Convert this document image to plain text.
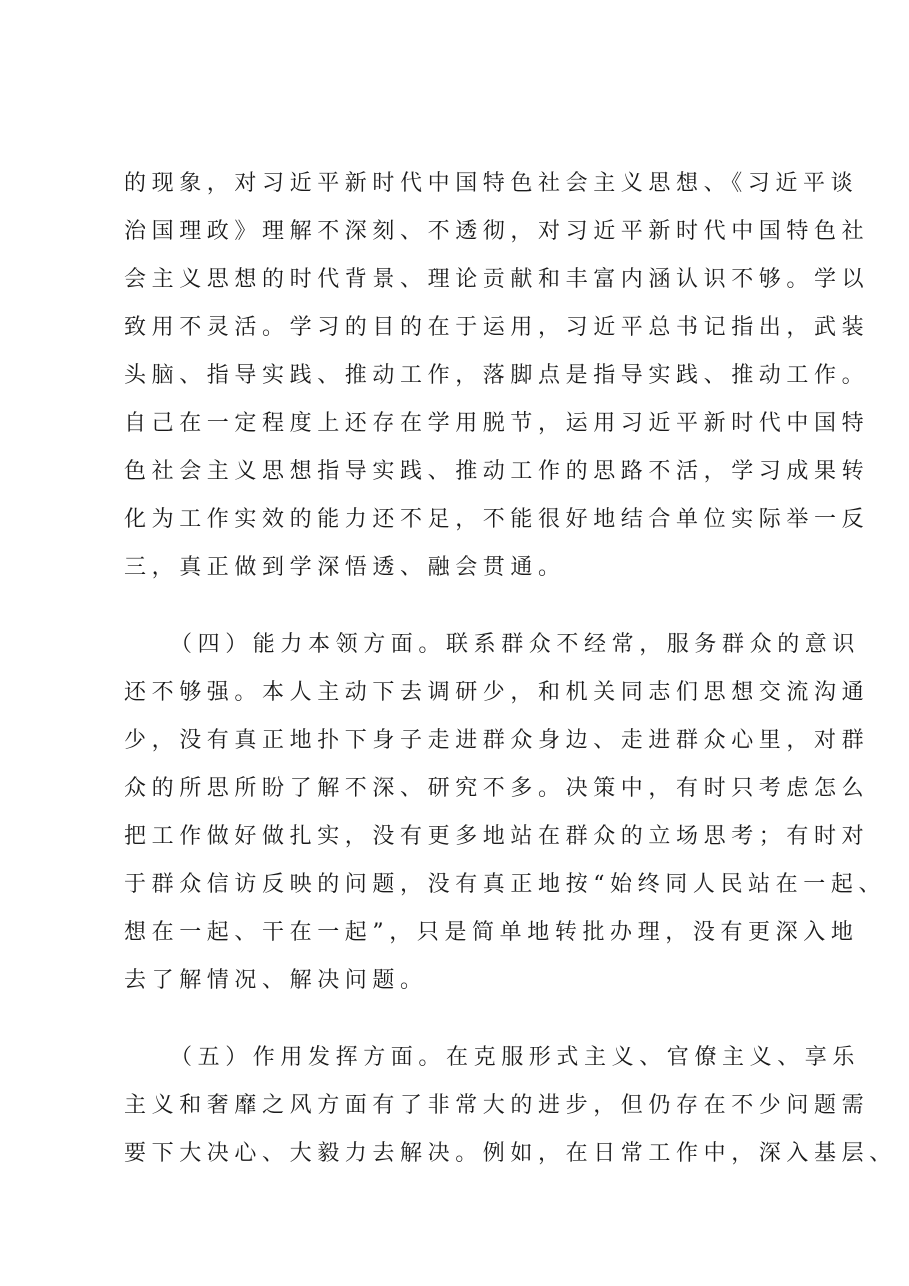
的现象，对习近平新时代中国特色社会主义思想、《习近平谈
治国理政》理解不深刻、不透彻，对习近平新时代中国特色社
会主义思想的时代背景、理论贡献和丰富内涵认识不够。学以
致用不灵活。学习的目的在于运用，习近平总书记指出，武装
头脑、指导实践、推动工作，落脚点是指导实践、推动工作。
自己在一定程度上还存在学用脱节，运用习近平新时代中国特
色社会主义思想指导实践、推动工作的思路不活，学习成果转
化为工作实效的能力还不足，不能很好地结合单位实际举一反
三，真正做到学深悟透、融会贯通。
（四）能力本领方面。联系群众不经常，服务群众的意识
还不够强。本人主动下去调研少，和机关同志们思想交流沟通
少，没有真正地扑下身子走进群众身边、走进群众心里，对群
众的所思所盼了解不深、研究不多。决策中，有时只考虑怎么
把工作做好做扎实，没有更多地站在群众的立场思考；有时对
于群众信访反映的问题，没有真正地按“始终同人民站在一起、
想在一起、干在一起”，只是简单地转批办理，没有更深入地
去了解情况、解决问题。
（五）作用发挥方面。在克服形式主义、官僚主义、享乐
主义和奢靡之风方面有了非常大的进步，但仍存在不少问题需
要下大决心、大毅力去解决。例如，在日常工作中，深入基层、
